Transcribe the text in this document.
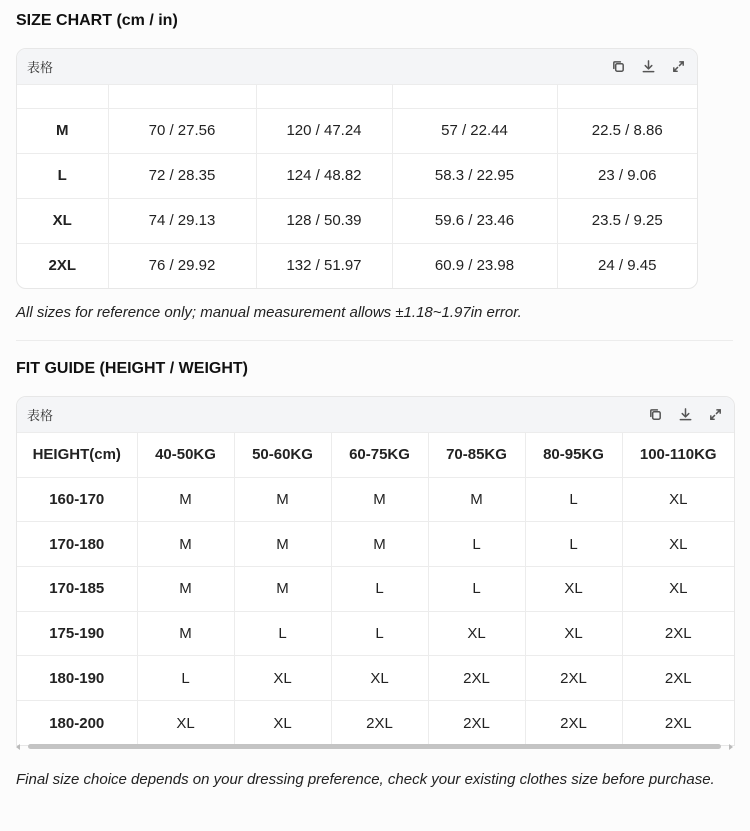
SIZE CHART (cm / in)
表格

M	70 / 27.56	120 / 47.24	57 / 22.44	22.5 / 8.86
L	72 / 28.35	124 / 48.82	58.3 / 22.95	23 / 9.06
XL	74 / 29.13	128 / 50.39	59.6 / 23.46	23.5 / 9.25
2XL	76 / 29.92	132 / 51.97	60.9 / 23.98	24 / 9.45

All sizes for reference only; manual measurement allows ±1.18~1.97in error.

FIT GUIDE (HEIGHT / WEIGHT)
表格
HEIGHT(cm)	40-50KG	50-60KG	60-75KG	70-85KG	80-95KG	100-110KG
160-170	M	M	M	M	L	XL
170-180	M	M	M	L	L	XL
170-185	M	M	L	L	XL	XL
175-190	M	L	L	XL	XL	2XL
180-190	L	XL	XL	2XL	2XL	2XL
180-200	XL	XL	2XL	2XL	2XL	2XL

Final size choice depends on your dressing preference, check your existing clothes size before purchase.
